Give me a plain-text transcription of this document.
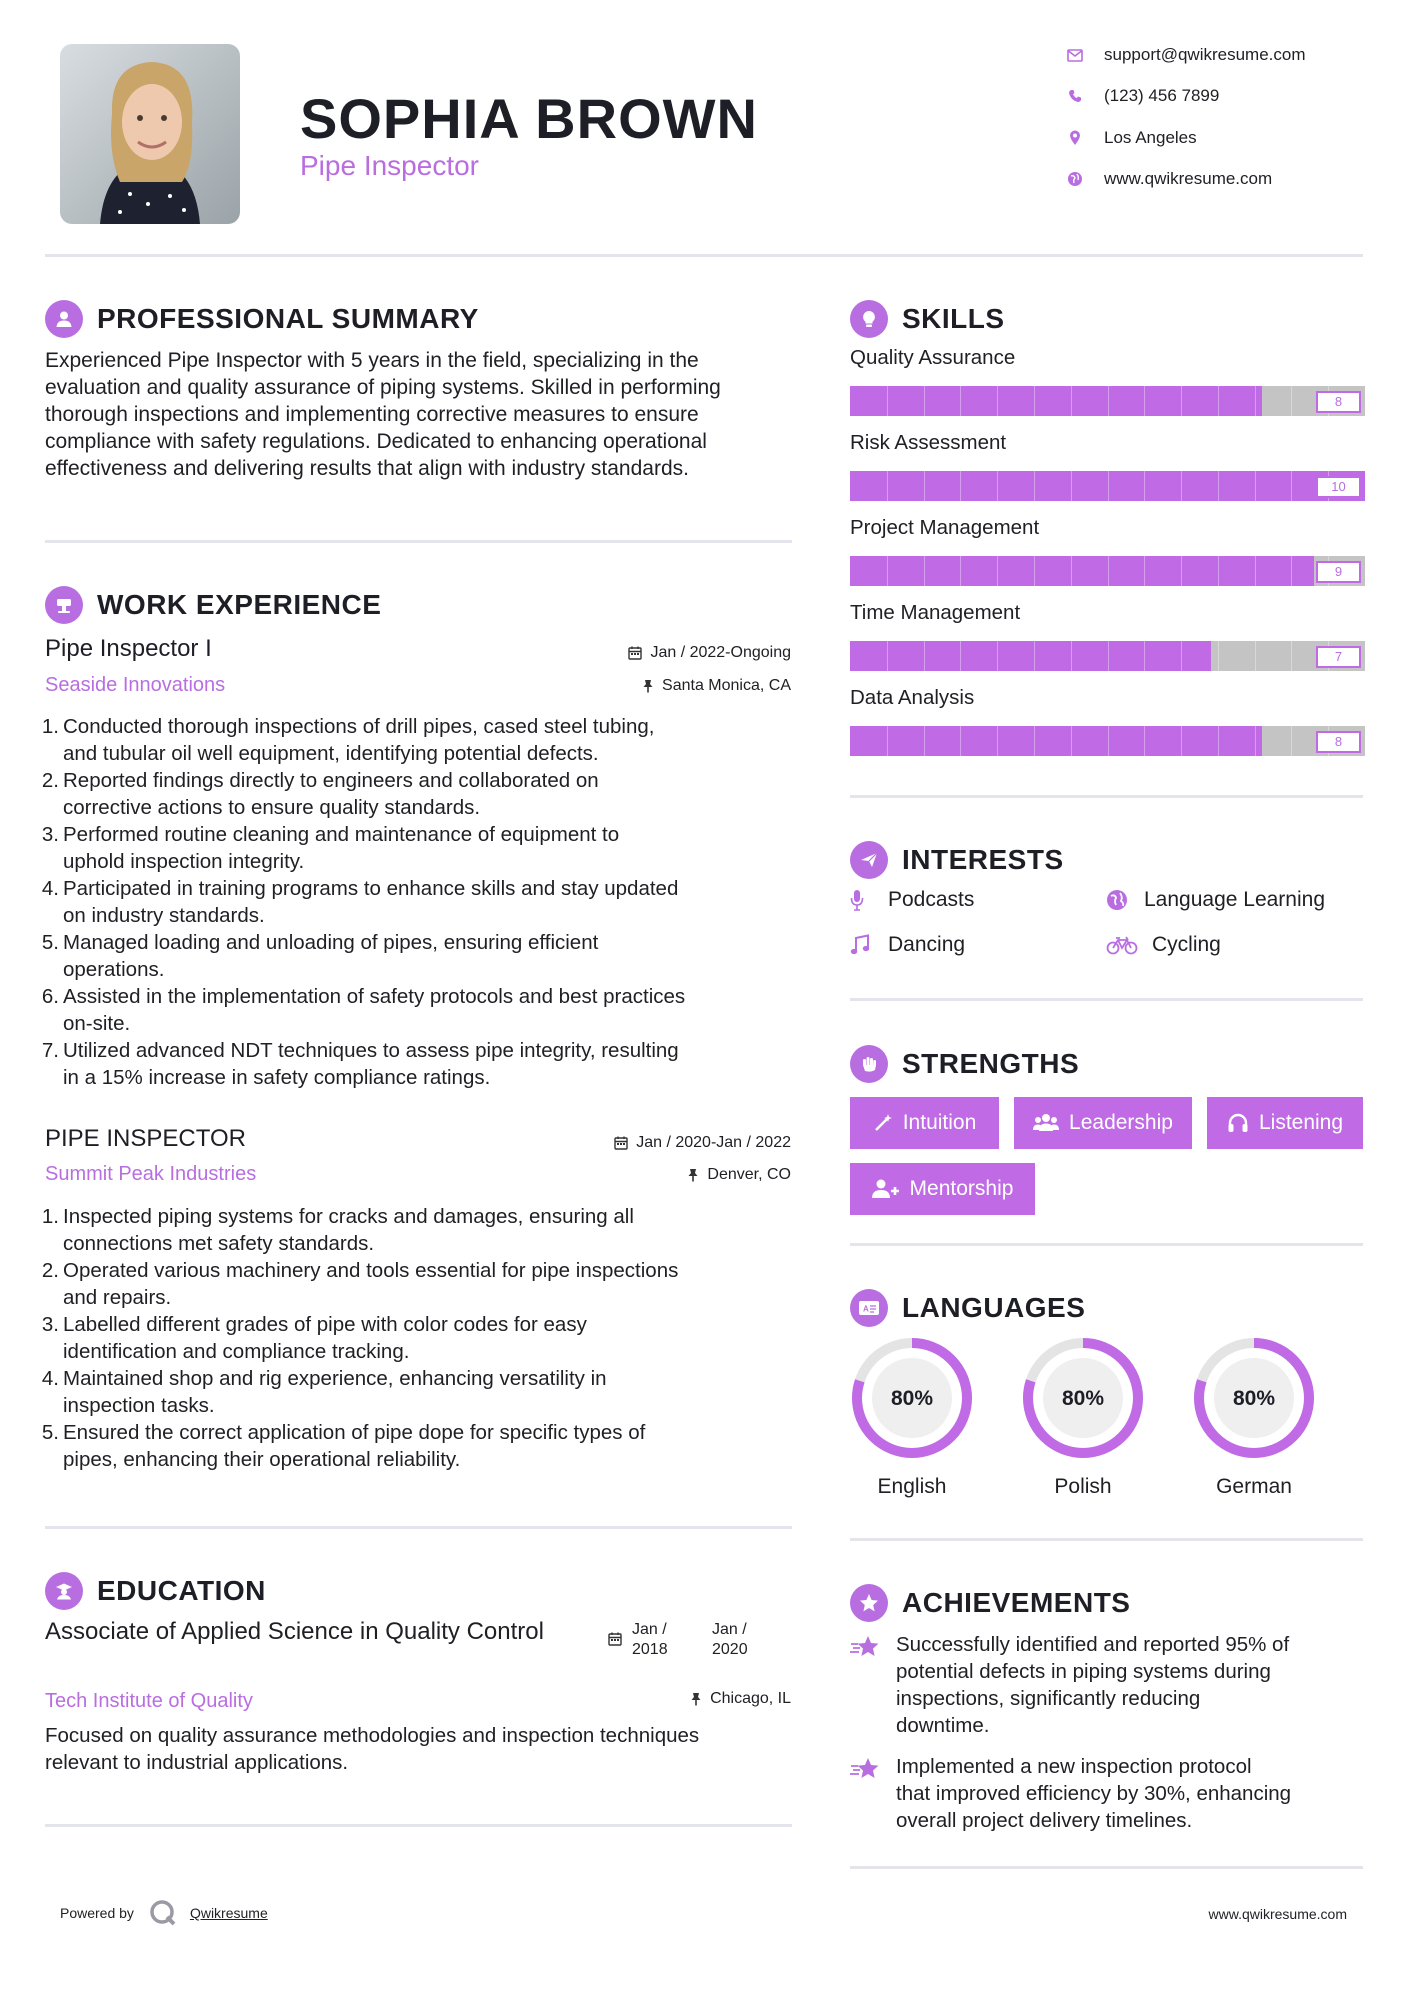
SOPHIA BROWN
Pipe Inspector
support@qwikresume.com
(123) 456 7899
Los Angeles
www.qwikresume.com
PROFESSIONAL SUMMARY
Experienced Pipe Inspector with 5 years in the field, specializing in the evaluation and quality assurance of piping systems. Skilled in performing thorough inspections and implementing corrective measures to ensure compliance with safety regulations. Dedicated to enhancing operational effectiveness and delivering results that align with industry standards.
WORK EXPERIENCE
Pipe Inspector I
Seaside Innovations
Jan / 2022-Ongoing
Santa Monica, CA
1. Conducted thorough inspections of drill pipes, cased steel tubing,
and tubular oil well equipment, identifying potential defects.
2. Reported findings directly to engineers and collaborated on
corrective actions to ensure quality standards.
3. Performed routine cleaning and maintenance of equipment to
uphold inspection integrity.
4. Participated in training programs to enhance skills and stay updated
on industry standards.
5. Managed loading and unloading of pipes, ensuring efficient
operations.
6. Assisted in the implementation of safety protocols and best practices
on-site.
7. Utilized advanced NDT techniques to assess pipe integrity, resulting
in a 15% increase in safety compliance ratings.
PIPE INSPECTOR
Summit Peak Industries
Jan / 2020-Jan / 2022
Denver, CO
1. Inspected piping systems for cracks and damages, ensuring all
connections met safety standards.
2. Operated various machinery and tools essential for pipe inspections
and repairs.
3. Labelled different grades of pipe with color codes for easy
identification and compliance tracking.
4. Maintained shop and rig experience, enhancing versatility in
inspection tasks.
5. Ensured the correct application of pipe dope for specific types of
pipes, enhancing their operational reliability.
EDUCATION
Associate of Applied Science in Quality Control
Tech Institute of Quality
Jan /
2018
Jan /
2020
Chicago, IL
Focused on quality assurance methodologies and inspection techniques relevant to industrial applications.
SKILLS
Quality Assurance
8
Risk Assessment
10
Project Management
9
Time Management
7
Data Analysis
8
INTERESTS
Podcasts	Language Learning
Dancing	Cycling
STRENGTHS
Intuition	Leadership	Listening
Mentorship
A LANGUAGES
80%
English
80%
Polish
80%
German
ACHIEVEMENTS
Successfully identified and reported 95% of
potential defects in piping systems during
inspections, significantly reducing
downtime.
Implemented a new inspection protocol
that improved efficiency by 30%, enhancing
overall project delivery timelines.
Powered by	Qwikresume	www.qwikresume.com
